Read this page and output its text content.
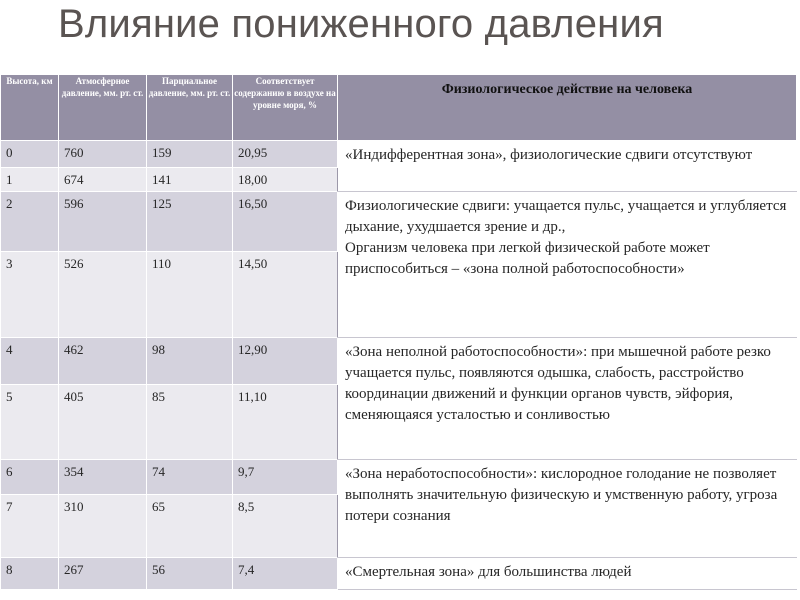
Влияние пониженного давления
Высота, км	Атмосферное давление, мм. рт. ст.	Парциальное давление, мм. рт. ст.	Соответствует содержанию в воздухе на уровне моря, %	Физиологическое действие на человека
0	760	159	20,95	«Индифферентная зона», физиологические сдвиги отсутствуют
1	674	141	18,00	
2	596	125	16,50	Физиологические сдвиги: учащается пульс, учащается и углубляется дыхание, ухудшается зрение и др.,
Организм человека при легкой физической работе может приспособиться – «зона полной работоспособности»

3	526	110	14,50	
4	462	98	12,90	«Зона неполной работоспособности»: при мышечной работе резко учащается пульс, появляются одышка, слабость, расстройство координации движений и функции органов чувств, эйфория, сменяющаяся усталостью и сонливостью
5	405	85	11,10	
6	354	74	9,7	«Зона неработоспособности»: кислородное голодание не позволяет выполнять значительную физическую и умственную работу, угроза потери сознания
7	310	65	8,5	
8	267	56	7,4	«Смертельная зона» для большинства людей
